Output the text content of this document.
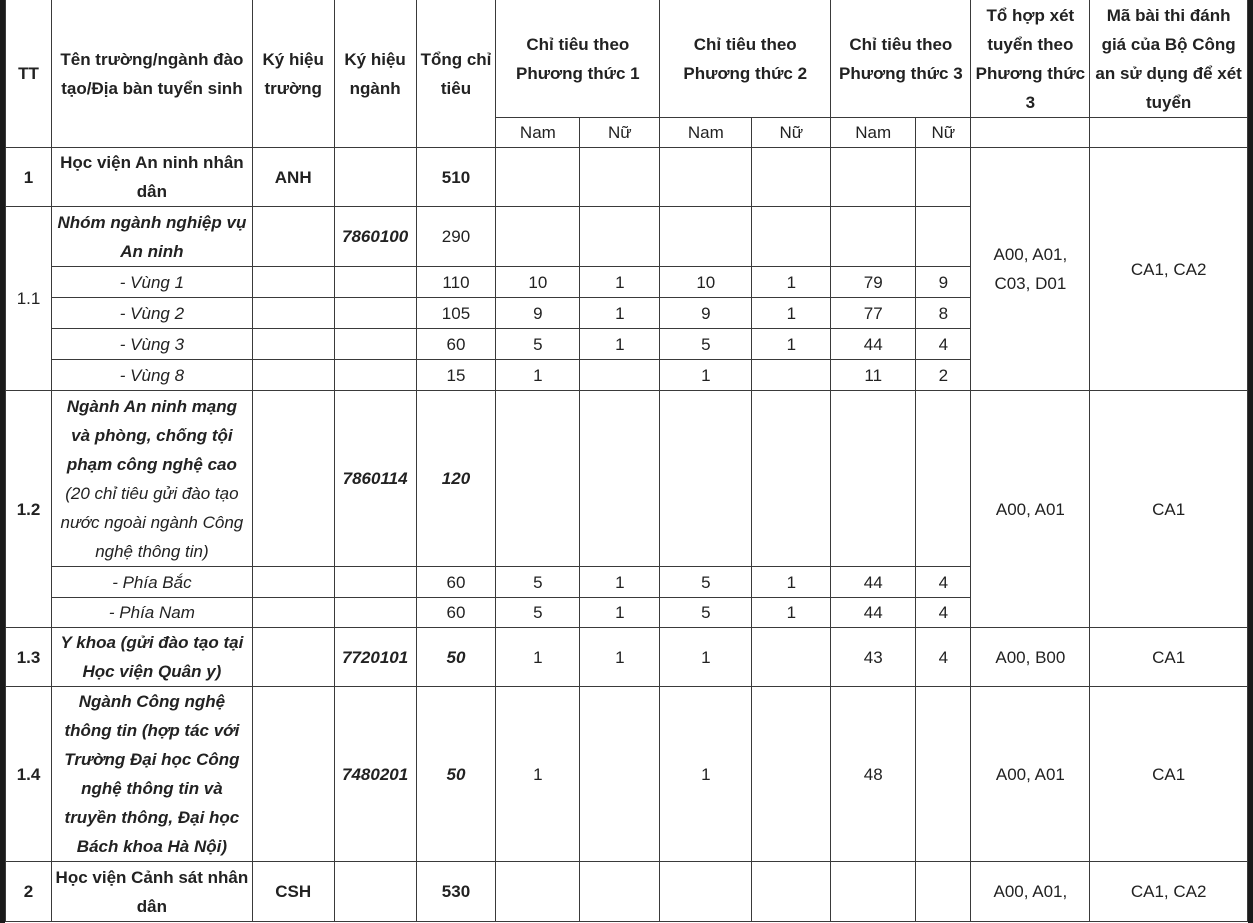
TT	Tên trường/ngành đào tạo/Địa bàn tuyển sinh	Ký hiệu trường	Ký hiệu ngành	Tổng chỉ tiêu	Chỉ tiêu theo Phương thức 1		Chỉ tiêu theo Phương thức 2		Chỉ tiêu theo Phương thức 3		Tổ hợp xét tuyển theo Phương thức 3	Mã bài thi đánh giá của Bộ Công an sử dụng để xét tuyển
					Nam	Nữ	Nam	Nữ	Nam	Nữ		
1	Học viện An ninh nhân dân	ANH		510							A00, A01, C03, D01	CA1, CA2
1.1	Nhóm ngành nghiệp vụ An ninh		7860100	290								
	- Vùng 1			110	10	1	10	1	79	9		
	- Vùng 2			105	9	1	9	1	77	8		
	- Vùng 3			60	5	1	5	1	44	4		
	- Vùng 8			15	1		1		11	2		
1.2	Ngành An ninh mạng và phòng, chống tội phạm công nghệ cao
(20 chỉ tiêu gửi đào tạo nước ngoài ngành Công nghệ thông tin)		7860114	120							A00, A01	CA1
	- Phía Bắc			60	5	1	5	1	44	4		
	- Phía Nam			60	5	1	5	1	44	4		
1.3	Y khoa (gửi đào tạo tại Học viện Quân y)		7720101	50	1	1	1		43	4	A00, B00	CA1
1.4	Ngành Công nghệ thông tin (hợp tác với Trường Đại học Công nghệ thông tin và truyền thông, Đại học
Bách khoa Hà Nội)		7480201	50	1		1		48		A00, A01	CA1
2	Học viện Cảnh sát nhân dân	CSH		530							A00, A01,	CA1, CA2
